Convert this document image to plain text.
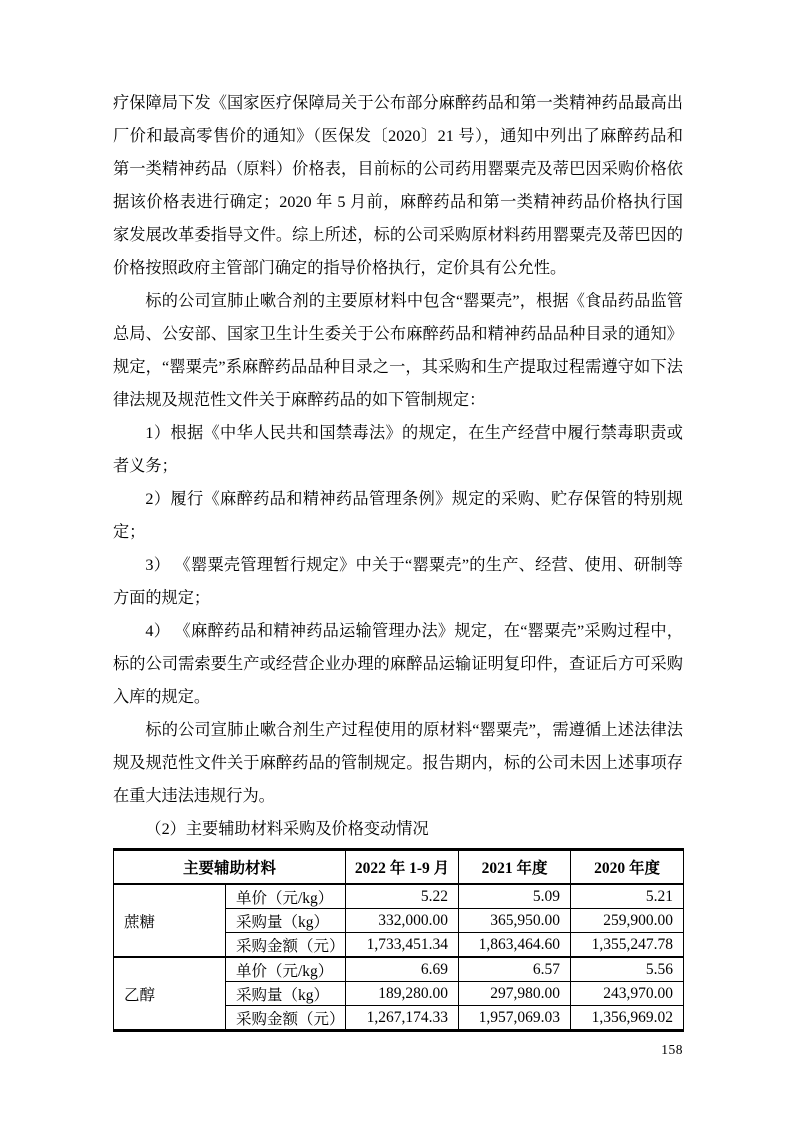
疗保障局下发《国家医疗保障局关于公布部分麻醉药品和第一类精神药品最高出厂价和最高零售价的通知》（医保发〔2020〕21 号），通知中列出了麻醉药品和第一类精神药品（原料）价格表，目前标的公司药用罂粟壳及蒂巴因采购价格依据该价格表进行确定；2020 年 5 月前，麻醉药品和第一类精神药品价格执行国家发展改革委指导文件。综上所述，标的公司采购原材料药用罂粟壳及蒂巴因的价格按照政府主管部门确定的指导价格执行，定价具有公允性。

标的公司宣肺止嗽合剂的主要原材料中包含“罂粟壳”，根据《食品药品监管总局、公安部、国家卫生计生委关于公布麻醉药品和精神药品品种目录的通知》规定，“罂粟壳”系麻醉药品品种目录之一，其采购和生产提取过程需遵守如下法律法规及规范性文件关于麻醉药品的如下管制规定：

1）根据《中华人民共和国禁毒法》的规定，在生产经营中履行禁毒职责或者义务；

2）履行《麻醉药品和精神药品管理条例》规定的采购、贮存保管的特别规定；

3） 《罂粟壳管理暂行规定》中关于“罂粟壳”的生产、经营、使用、研制等方面的规定；

4） 《麻醉药品和精神药品运输管理办法》规定，在“罂粟壳”采购过程中，标的公司需索要生产或经营企业办理的麻醉品运输证明复印件，查证后方可采购入库的规定。

标的公司宣肺止嗽合剂生产过程使用的原材料“罂粟壳”，需遵循上述法律法规及规范性文件关于麻醉药品的管制规定。报告期内，标的公司未因上述事项存在重大违法违规行为。

（2）主要辅助材料采购及价格变动情况

主要辅助材料		2022 年 1-9 月	2021 年度	2020 年度
蔗糖	单价（元/kg）	5.22	5.09	5.21
	采购量（kg）	332,000.00	365,950.00	259,900.00
	采购金额（元）	1,733,451.34	1,863,464.60	1,355,247.78
乙醇	单价（元/kg）	6.69	6.57	5.56
	采购量（kg）	189,280.00	297,980.00	243,970.00
	采购金额（元）	1,267,174.33	1,957,069.03	1,356,969.02
158
